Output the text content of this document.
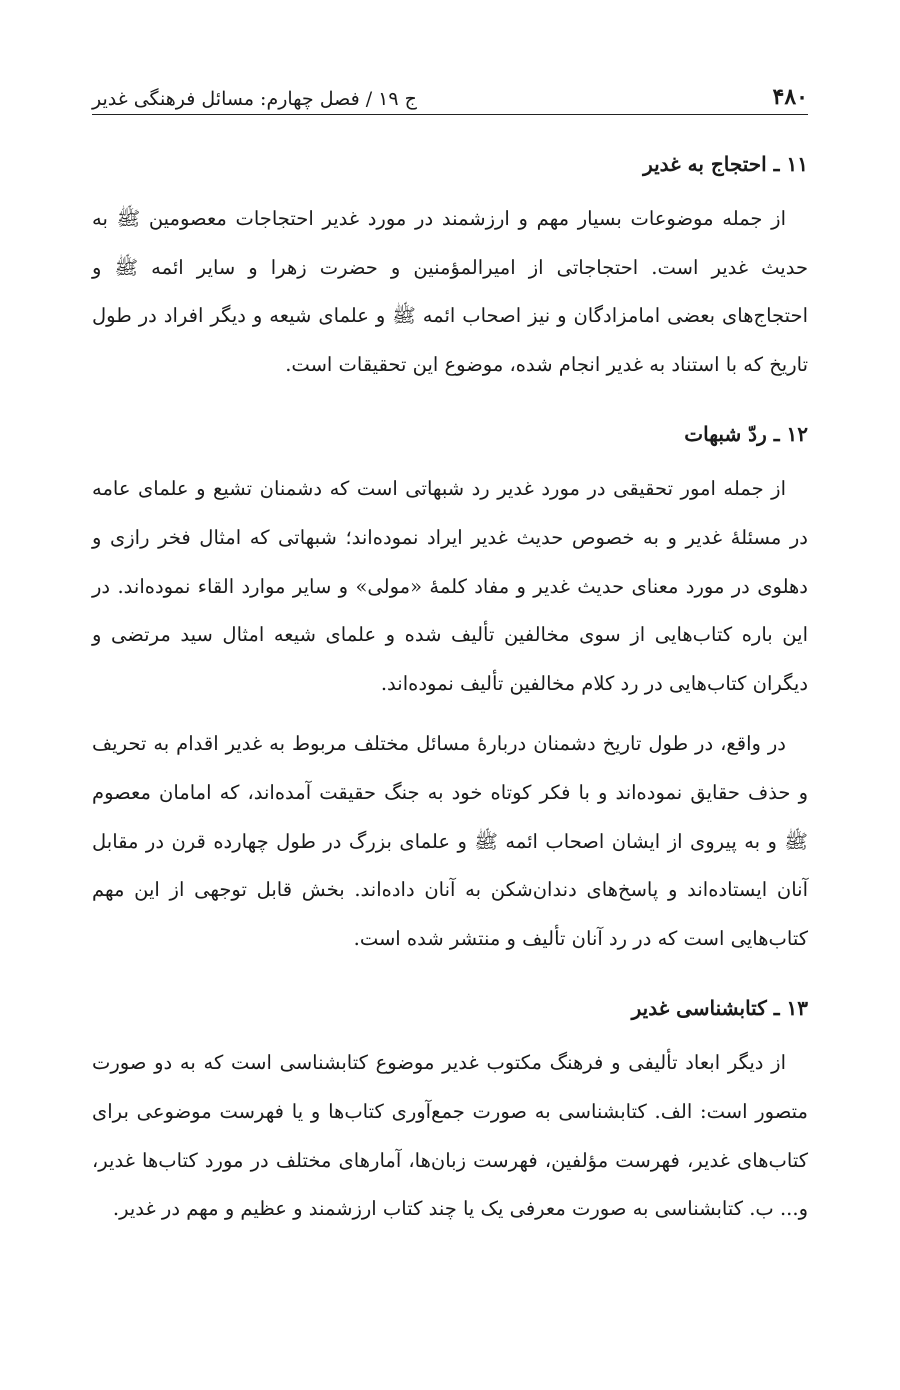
۴۸۰
ج ۱۹ / فصل چهارم: مسائل فرهنگی غدیر
۱۱ ـ احتجاج به غدیر

از جمله موضوعات بسیار مهم و ارزشمند در مورد غدیر احتجاجات معصومین ﷺ به حدیث غدیر است. احتجاجاتی از امیرالمؤمنین و حضرت زهرا و سایر ائمه ﷺ و احتجاج‌های بعضی امامزادگان و نیز اصحاب ائمه ﷺ و علمای شیعه و دیگر افراد در طول تاریخ که با استناد به غدیر انجام شده، موضوع این تحقیقات است.

۱۲ ـ ردّ شبهات

از جمله امور تحقیقی در مورد غدیر رد شبهاتی است که دشمنان تشیع و علمای عامه در مسئلهٔ غدیر و به خصوص حدیث غدیر ایراد نموده‌اند؛ شبهاتی که امثال فخر رازی و دهلوی در مورد معنای حدیث غدیر و مفاد کلمهٔ «مولی» و سایر موارد القاء نموده‌اند. در این باره کتاب‌هایی از سوی مخالفین تألیف شده و علمای شیعه امثال سید مرتضی و دیگران کتاب‌هایی در رد کلام مخالفین تألیف نموده‌اند.

در واقع، در طول تاریخ دشمنان دربارهٔ مسائل مختلف مربوط به غدیر اقدام به تحریف و حذف حقایق نموده‌اند و با فکر کوتاه خود به جنگ حقیقت آمده‌اند، که امامان معصوم ﷺ و به پیروی از ایشان اصحاب ائمه ﷺ و علمای بزرگ در طول چهارده قرن در مقابل آنان ایستاده‌اند و پاسخ‌های دندان‌شکن به آنان داده‌اند. بخش قابل توجهی از این مهم کتاب‌هایی است که در رد آنان تألیف و منتشر شده است.

۱۳ ـ کتابشناسی غدیر

از دیگر ابعاد تألیفی و فرهنگ مکتوب غدیر موضوع کتابشناسی است که به دو صورت متصور است: الف. کتابشناسی به صورت جمع‌آوری کتاب‌ها و یا فهرست موضوعی برای کتاب‌های غدیر، فهرست مؤلفین، فهرست زبان‌ها، آمارهای مختلف در مورد کتاب‌ها غدیر، و... ب. کتابشناسی به صورت معرفی یک یا چند کتاب ارزشمند و عظیم و مهم در غدیر.
